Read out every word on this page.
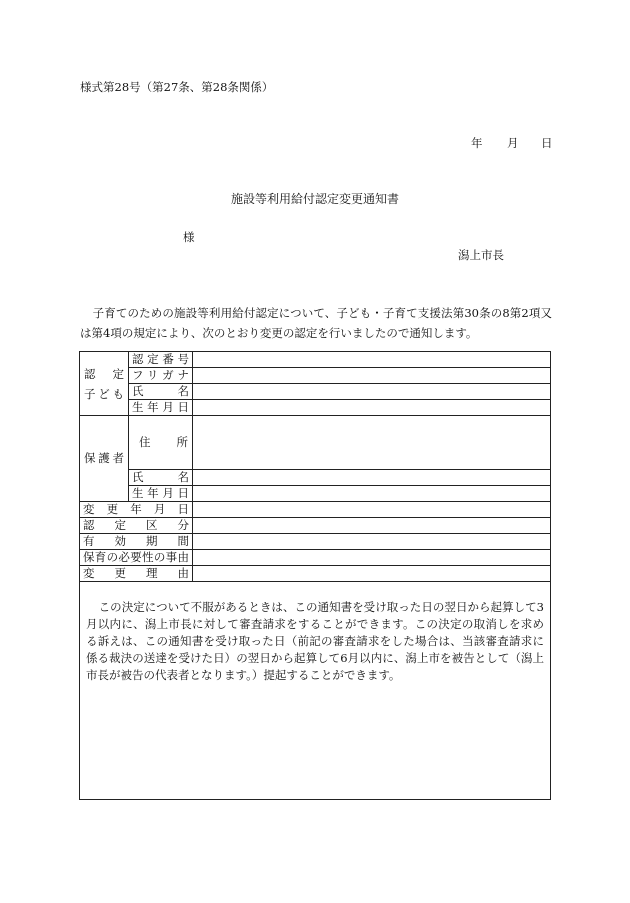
様式第28号（第27条、第28条関係）
年 月 日
施設等利用給付認定変更通知書
様
潟上市長
子育てのための施設等利用給付認定について、子ども・子育て支援法第30条の8第2項又は第4項の規定により、次のとおり変更の認定を行いましたので通知します。
認　定
子ども	認定番号	
	フリガナ	
	氏　　名	
	生年月日	
保護者	住　　所	
	氏　　名	
	生年月日	
変更年月日		
認定区分		
有効期間		
保育の必要性の事由		
変更理由		
この決定について不服があるときは、この通知書を受け取った日の翌日から起算して3月以内に、潟上市長に対して審査請求をすることができます。この決定の取消しを求める訴えは、この通知書を受け取った日（前記の審査請求をした場合は、当該審査請求に係る裁決の送達を受けた日）の翌日から起算して6月以内に、潟上市を被告として（潟上市長が被告の代表者となります。）提起することができます。
